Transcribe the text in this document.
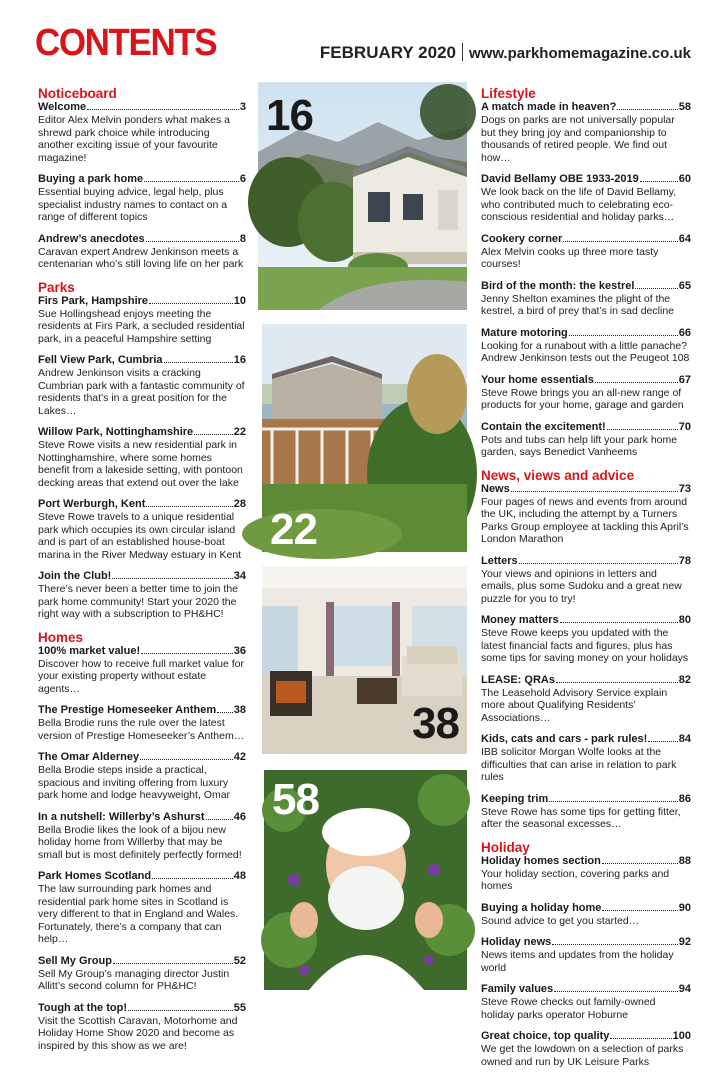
CONTENTS	FEBRUARY 2020 www.parkhomemagazine.co.uk
Noticeboard
Welcome	3
Editor Alex Melvin ponders what makes a shrewd park choice while introducing another exciting issue of your favourite magazine!
Buying a park home	6
Essential buying advice, legal help, plus specialist industry names to contact on a range of different topics
Andrew’s anecdotes	8
Caravan expert Andrew Jenkinson meets a centenarian who’s still loving life on her park
Parks
Firs Park, Hampshire	10
Sue Hollingshead enjoys meeting the residents at Firs Park, a secluded residential park, in a peaceful Hampshire setting
Fell View Park, Cumbria	16
Andrew Jenkinson visits a cracking Cumbrian park with a fantastic community of residents that’s in a great position for the Lakes…
Willow Park, Nottinghamshire	22
Steve Rowe visits a new residential park in Nottinghamshire, where some homes benefit from a lakeside setting, with pontoon decking areas that extend out over the lake
Port Werburgh, Kent	28
Steve Rowe travels to a unique residential park which occupies its own circular island and is part of an established house-boat marina in the River Medway estuary in Kent
Join the Club!	34
There’s never been a better time to join the park home community! Start your 2020 the right way with a subscription to PH&HC!
Homes
100% market value!	36
Discover how to receive full market value for your existing property without estate agents…
The Prestige Homeseeker Anthem 38
Bella Brodie runs the rule over the latest version of Prestige Homeseeker’s Anthem…
The Omar Alderney	42
Bella Brodie steps inside a practical, spacious and inviting offering from luxury park home and lodge heavyweight, Omar
In a nutshell: Willerby’s Ashurst	46
Bella Brodie likes the look of a bijou new holiday home from Willerby that may be small but is most definitely perfectly formed!
Park Homes Scotland	48
The law surrounding park homes and residential park home sites in Scotland is very different to that in England and Wales. Fortunately, there’s a company that can help…
Sell My Group	52
Sell My Group’s managing director Justin Allitt’s second column for PH&HC!
Tough at the top!	55
Visit the Scottish Caravan, Motorhome and Holiday Home Show 2020 and become as inspired by this show as we are!
Lifestyle
A match made in heaven?	58
Dogs on parks are not universally popular but they bring joy and companionship to thousands of retired people. We find out how…
David Bellamy OBE 1933-2019	60
We look back on the life of David Bellamy, who contributed much to celebrating eco-conscious residential and holiday parks…
Cookery corner	64
Alex Melvin cooks up three more tasty courses!
Bird of the month: the kestrel	65
Jenny Shelton examines the plight of the kestrel, a bird of prey that’s in sad decline
Mature motoring	66
Looking for a runabout with a little panache? Andrew Jenkinson tests out the Peugeot 108
Your home essentials	67
Steve Rowe brings you an all-new range of products for your home, garage and garden
Contain the excitement!	70
Pots and tubs can help lift your park home garden, says Benedict Vanheems
News, views and advice
News	73
Four pages of news and events from around the UK, including the attempt by a Turners Parks Group employee at tackling this April’s London Marathon
Letters	78
Your views and opinions in letters and emails, plus some Sudoku and a great new puzzle for you to try!
Money matters	80
Steve Rowe keeps you updated with the latest financial facts and figures, plus has some tips for saving money on your holidays
LEASE: QRAs	82
The Leasehold Advisory Service explain more about Qualifying Residents’ Associations…
Kids, cats and cars - park rules!	84
IBB solicitor Morgan Wolfe looks at the difficulties that can arise in relation to park rules
Keeping trim	86
Steve Rowe has some tips for getting fitter, after the seasonal excesses…
Holiday
Holiday homes section	88
Your holiday section, covering parks and homes
Buying a holiday home	90
Sound advice to get you started…
Holiday news	92
News items and updates from the holiday world
Family values	94
Steve Rowe checks out family-owned holiday parks operator Hoburne
Great choice, top quality	100
We get the lowdown on a selection of parks owned and run by UK Leisure Parks
16
22
38
58
